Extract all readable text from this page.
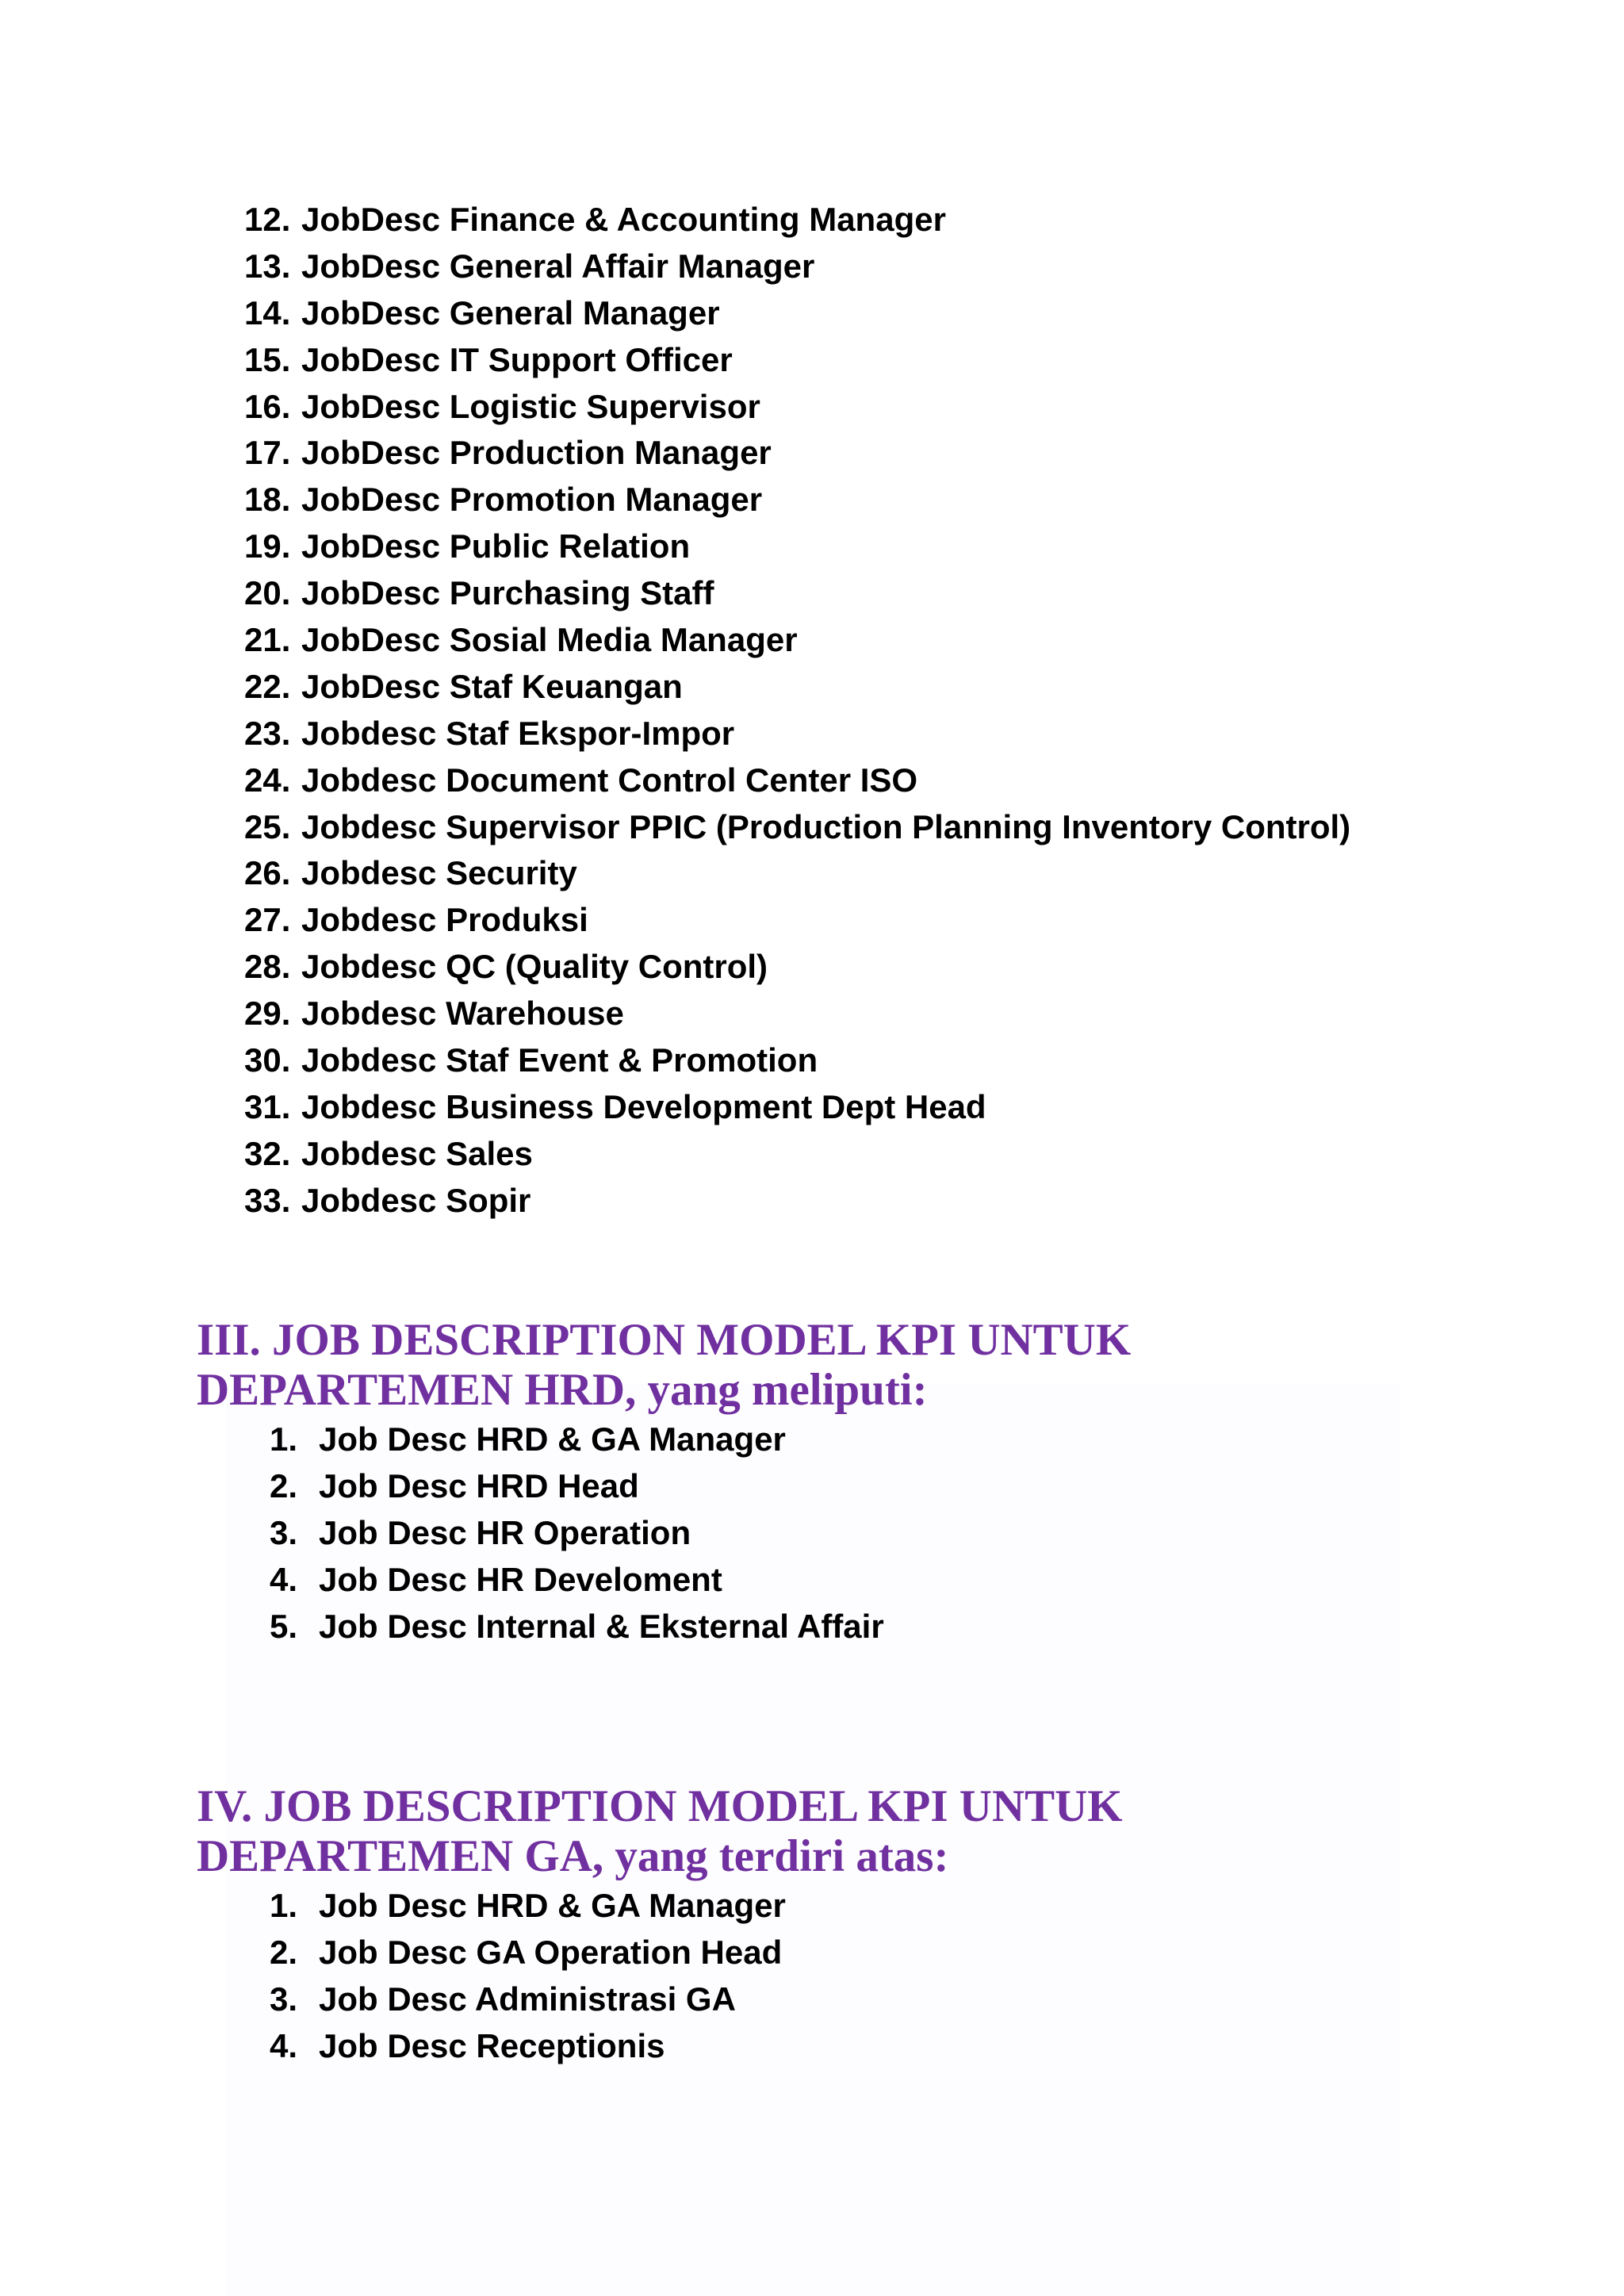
12. JobDesc Finance & Accounting Manager
13. JobDesc General Affair Manager
14. JobDesc General Manager
15. JobDesc IT Support Officer
16. JobDesc Logistic Supervisor
17. JobDesc Production Manager
18. JobDesc Promotion Manager
19. JobDesc Public Relation
20. JobDesc Purchasing Staff
21. JobDesc Sosial Media Manager
22. JobDesc Staf Keuangan
23. Jobdesc Staf Ekspor-Impor
24. Jobdesc Document Control Center ISO
25. Jobdesc Supervisor PPIC (Production Planning Inventory Control)
26. Jobdesc Security
27. Jobdesc Produksi
28. Jobdesc QC (Quality Control)
29. Jobdesc Warehouse
30. Jobdesc Staf Event & Promotion
31. Jobdesc Business Development Dept Head
32. Jobdesc Sales
33. Jobdesc Sopir
III. JOB DESCRIPTION MODEL KPI UNTUK
DEPARTEMEN HRD, yang meliputi:
1. Job Desc HRD & GA Manager
2. Job Desc HRD Head
3. Job Desc HR Operation
4. Job Desc HR Develoment
5. Job Desc Internal & Eksternal Affair
IV. JOB DESCRIPTION MODEL KPI UNTUK
DEPARTEMEN GA, yang terdiri atas:
1. Job Desc HRD & GA Manager
2. Job Desc GA Operation Head
3. Job Desc Administrasi GA
4. Job Desc Receptionis
